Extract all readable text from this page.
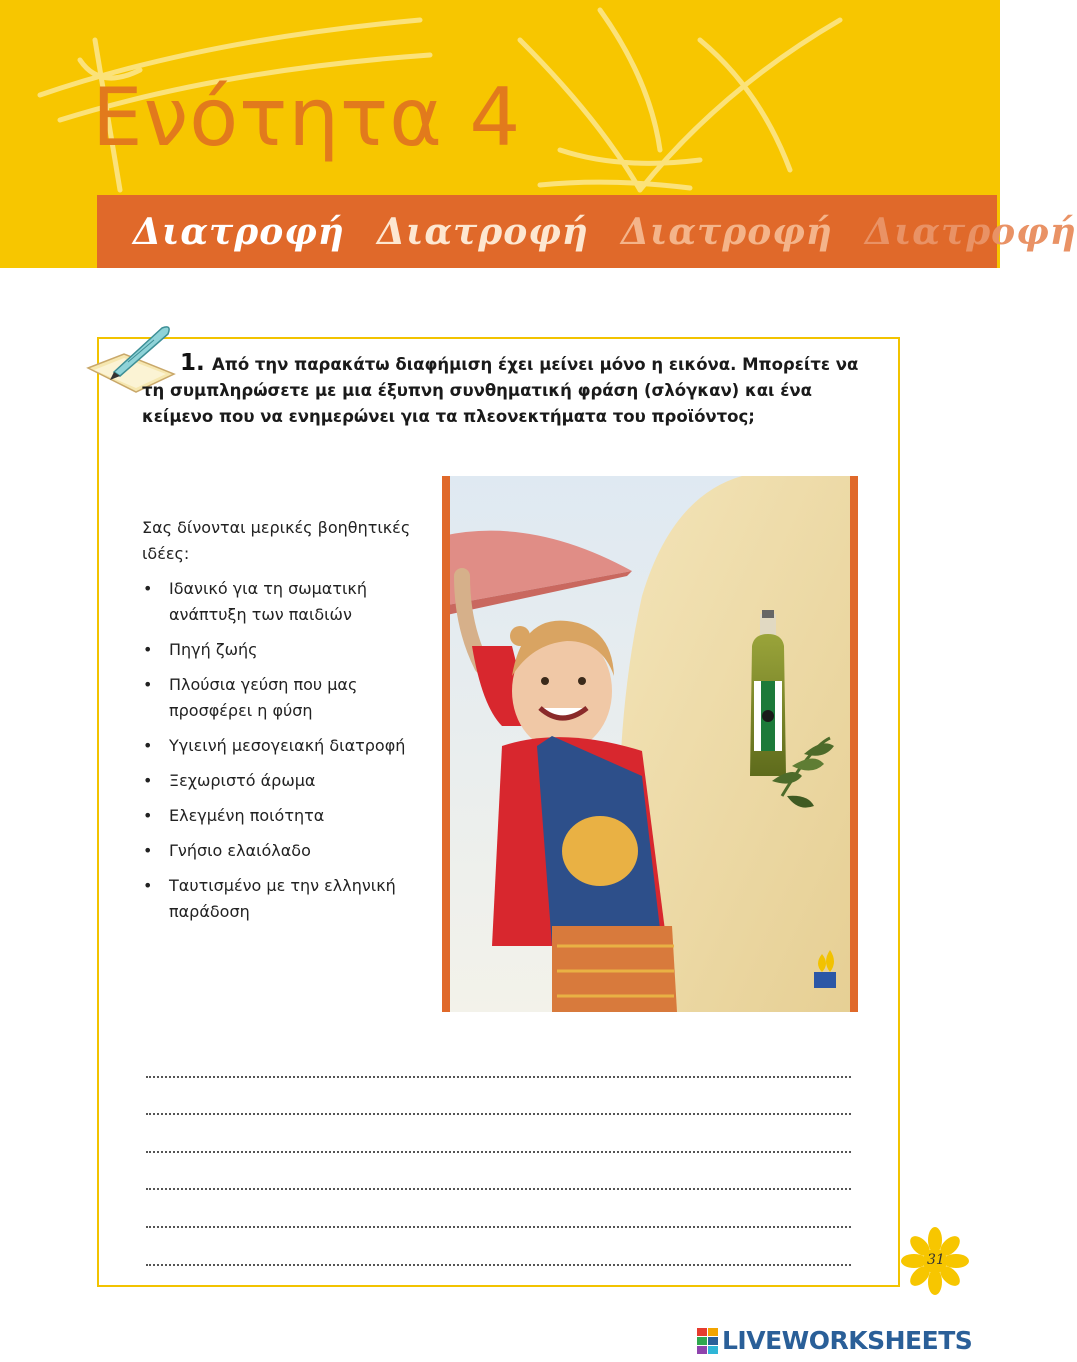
Ενότητα 4
Διατροφή Διατροφή Διατροφή Διατροφή
1. Από την παρακάτω διαφήμιση έχει μείνει μόνο η εικόνα. Μπορείτε να τη συμπληρώσετε με μια έξυπνη συνθηματική φράση (σλόγκαν) και ένα κείμενο που να ενημερώνει για τα πλεονεκτήματα του προϊόντος;
Σας δίνονται μερικές βοηθητικές ιδέες:
• Ιδανικό για τη σωματική ανάπτυξη των παιδιών
• Πηγή ζωής
• Πλούσια γεύση που μας προσφέρει η φύση
• Υγιεινή μεσογειακή διατροφή
• Ξεχωριστό άρωμα
• Ελεγμένη ποιότητα
• Γνήσιο ελαιόλαδο
• Ταυτισμένο με την ελληνική παράδοση
31
LIVEWORKSHEETS
